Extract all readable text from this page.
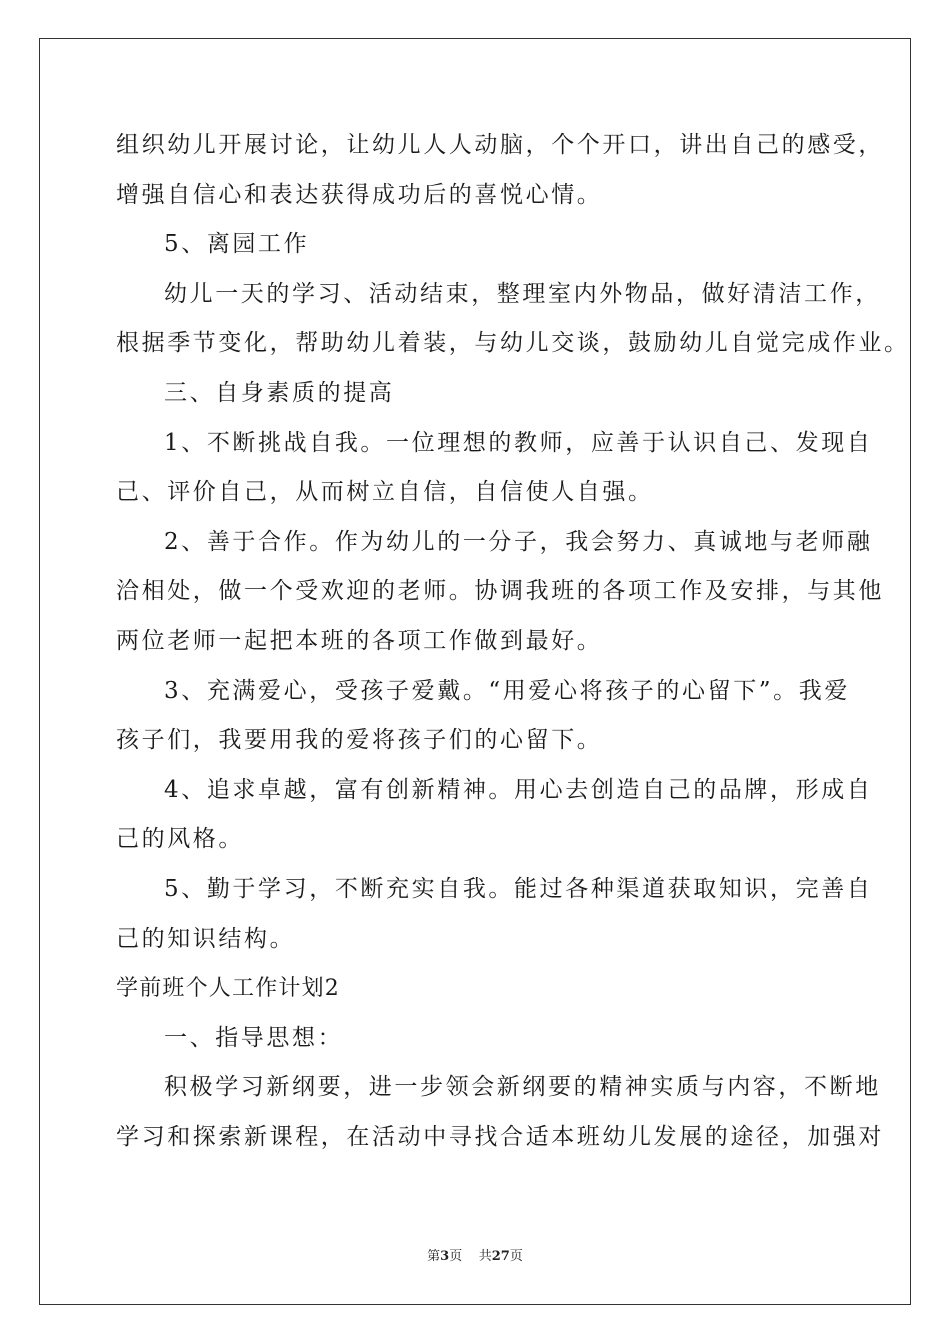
组织幼儿开展讨论，让幼儿人人动脑，个个开口，讲出自己的感受，
增强自信心和表达获得成功后的喜悦心情。
5、离园工作
幼儿一天的学习、活动结束，整理室内外物品，做好清洁工作，
根据季节变化，帮助幼儿着装，与幼儿交谈，鼓励幼儿自觉完成作业。
三、自身素质的提高
1、不断挑战自我。一位理想的教师，应善于认识自己、发现自
己、评价自己，从而树立自信，自信使人自强。
2、善于合作。作为幼儿的一分子，我会努力、真诚地与老师融
洽相处，做一个受欢迎的老师。协调我班的各项工作及安排，与其他
两位老师一起把本班的各项工作做到最好。
3、充满爱心，受孩子爱戴。“用爱心将孩子的心留下”。我爱
孩子们，我要用我的爱将孩子们的心留下。
4、追求卓越，富有创新精神。用心去创造自己的品牌，形成自
己的风格。
5、勤于学习，不断充实自我。能过各种渠道获取知识，完善自
己的知识结构。
学前班个人工作计划2
一、指导思想：
积极学习新纲要，进一步领会新纲要的精神实质与内容，不断地
学习和探索新课程，在活动中寻找合适本班幼儿发展的途径，加强对
第3页 共27页
